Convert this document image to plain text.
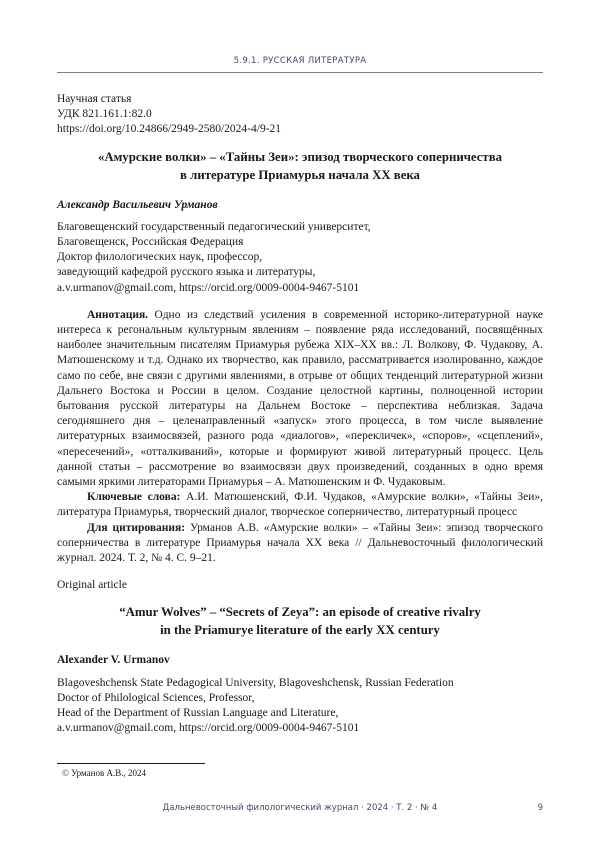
5.9.1. РУССКАЯ ЛИТЕРАТУРА
Научная статья
УДК 821.161.1:82.0
https://doi.org/10.24866/2949-2580/2024-4/9-21
«Амурские волки» – «Тайны Зеи»: эпизод творческого соперничества
в литературе Приамурья начала XX века
Александр Васильевич Урманов
Благовещенский государственный педагогический университет,
Благовещенск, Российская Федерация
Доктор филологических наук, профессор,
заведующий кафедрой русского языка и литературы,
a.v.urmanov@gmail.com, https://orcid.org/0009-0004-9467-5101
Аннотация. Одно из следствий усиления в современной историко-литературной науке интереса к регональным культурным явлениям – появление ряда исследований, посвящённых наиболее значительным писателям Приамурья рубежа XIX–XX вв.: Л. Волкову, Ф. Чудакову, А. Матюшенскому и т.д. Однако их творчество, как правило, рассматривается изолированно, каждое само по себе, вне связи с другими явлениями, в отрыве от общих тенденций литературной жизни Дальнего Востока и России в целом. Создание целостной картины, полноценной истории бытования русской литературы на Дальнем Востоке – перспектива неблизкая. Задача сегодняшнего дня – целенаправленный «запуск» этого процесса, в том числе выявление литературных взаимосвязей, разного рода «диалогов», «перекличек», «споров», «сцеплений», «пересечений», «отталкиваний», которые и формируют живой литературный процесс. Цель данной статьи – рассмотрение во взаимосвязи двух произведений, созданных в одно время самыми яркими литераторами Приамурья – А. Матюшенским и Ф. Чудаковым.
Ключевые слова: А.И. Матюшенский, Ф.И. Чудаков, «Амурские волки», «Тайны Зеи», литература Приамурья, творческий диалог, творческое соперничество, литературный процесс
Для цитирования: Урманов А.В. «Амурские волки» – «Тайны Зеи»: эпизод творческого соперничества в литературе Приамурья начала XX века // Дальневосточный филологический журнал. 2024. Т. 2, № 4. С. 9–21.
Original article
“Amur Wolves” – “Secrets of Zeya”: an episode of creative rivalry
in the Priamurye literature of the early XX century
Alexander V. Urmanov
Blagoveshchensk State Pedagogical University, Blagoveshchensk, Russian Federation
Doctor of Philological Sciences, Professor,
Head of the Department of Russian Language and Literature,
a.v.urmanov@gmail.com, https://orcid.org/0009-0004-9467-5101
© Урманов А.В., 2024
Дальневосточный филологический журнал · 2024 · Т. 2 · № 4	9
